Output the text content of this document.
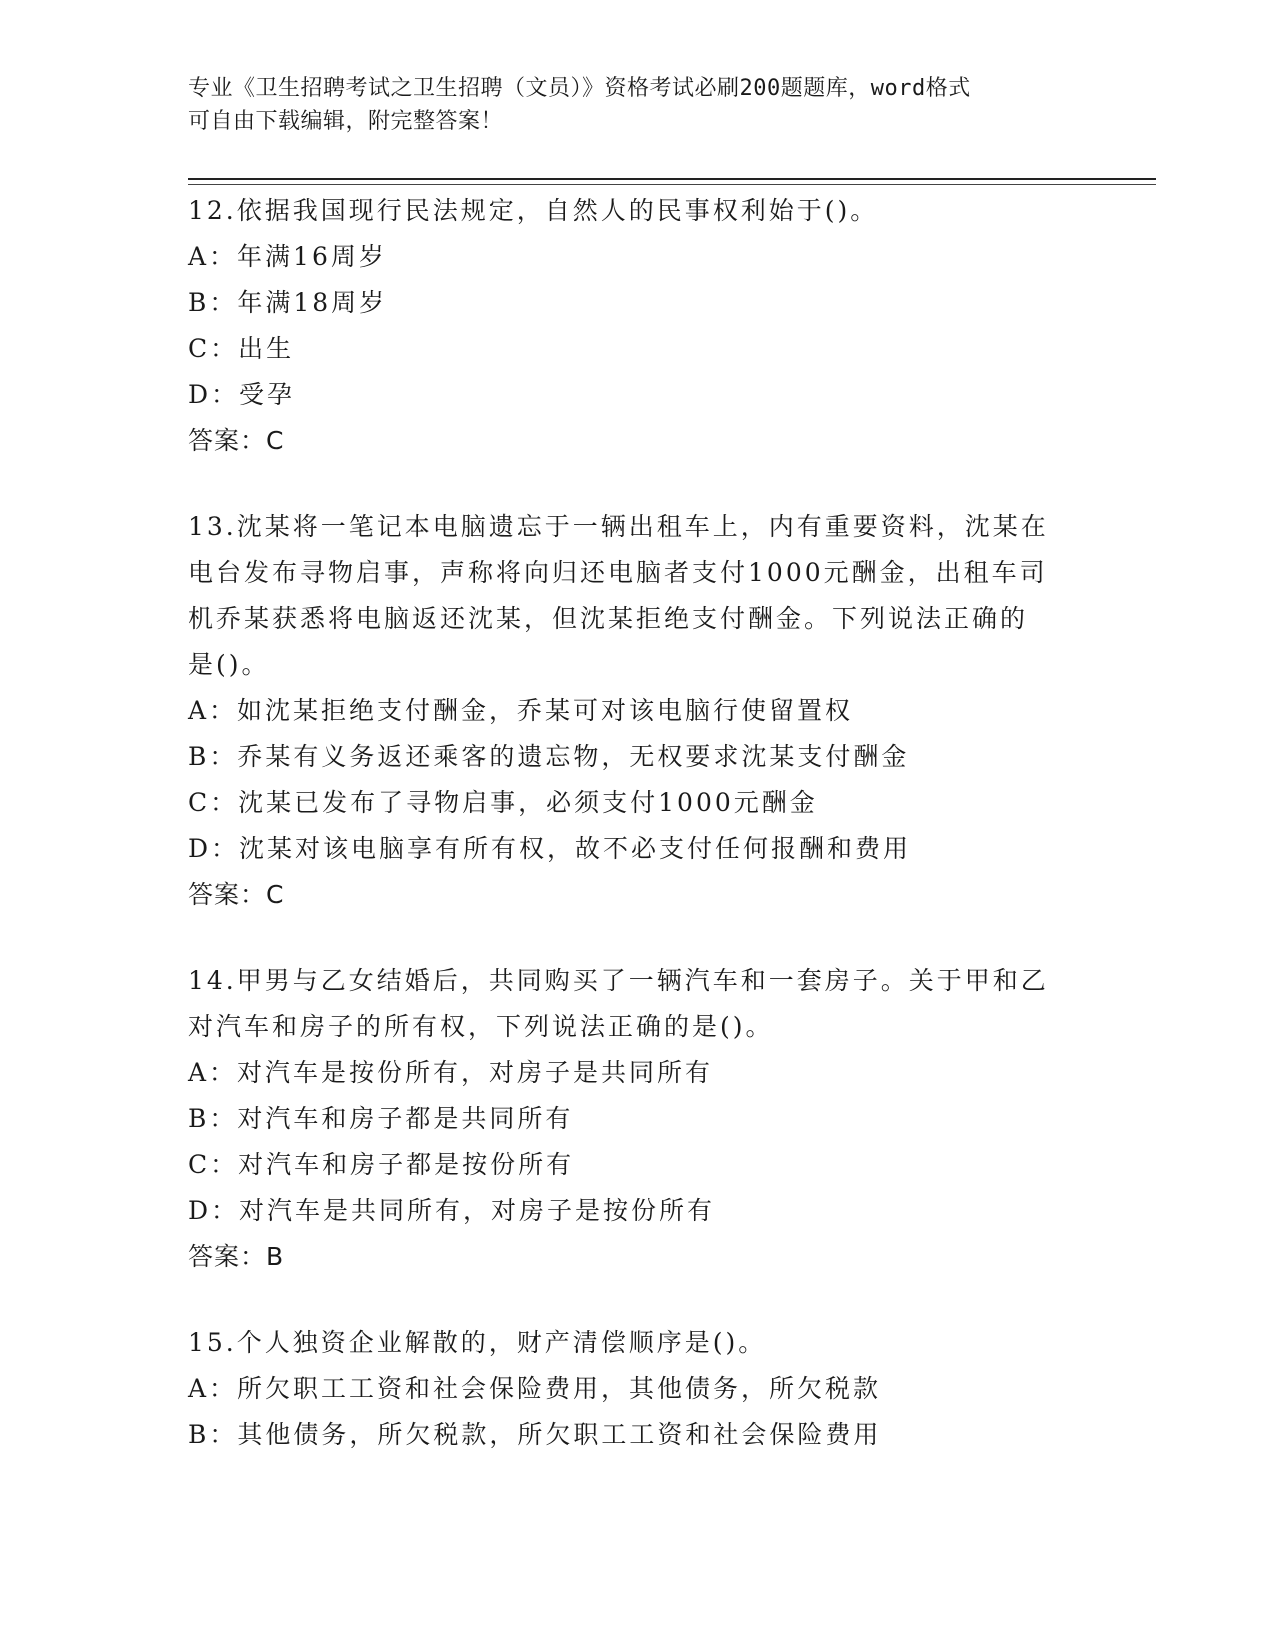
专业《卫生招聘考试之卫生招聘（文员）》资格考试必刷200题题库，word格式
可自由下载编辑，附完整答案！
12.依据我国现行民法规定，自然人的民事权利始于()。
A：年满16周岁
B：年满18周岁
C：出生
D：受孕
答案：C
13.沈某将一笔记本电脑遗忘于一辆出租车上，内有重要资料，沈某在
电台发布寻物启事，声称将向归还电脑者支付1000元酬金，出租车司
机乔某获悉将电脑返还沈某，但沈某拒绝支付酬金。下列说法正确的
是()。
A：如沈某拒绝支付酬金，乔某可对该电脑行使留置权
B：乔某有义务返还乘客的遗忘物，无权要求沈某支付酬金
C：沈某已发布了寻物启事，必须支付1000元酬金
D：沈某对该电脑享有所有权，故不必支付任何报酬和费用
答案：C
14.甲男与乙女结婚后，共同购买了一辆汽车和一套房子。关于甲和乙
对汽车和房子的所有权，下列说法正确的是()。
A：对汽车是按份所有，对房子是共同所有
B：对汽车和房子都是共同所有
C：对汽车和房子都是按份所有
D：对汽车是共同所有，对房子是按份所有
答案：B
15.个人独资企业解散的，财产清偿顺序是()。
A：所欠职工工资和社会保险费用，其他债务，所欠税款
B：其他债务，所欠税款，所欠职工工资和社会保险费用
